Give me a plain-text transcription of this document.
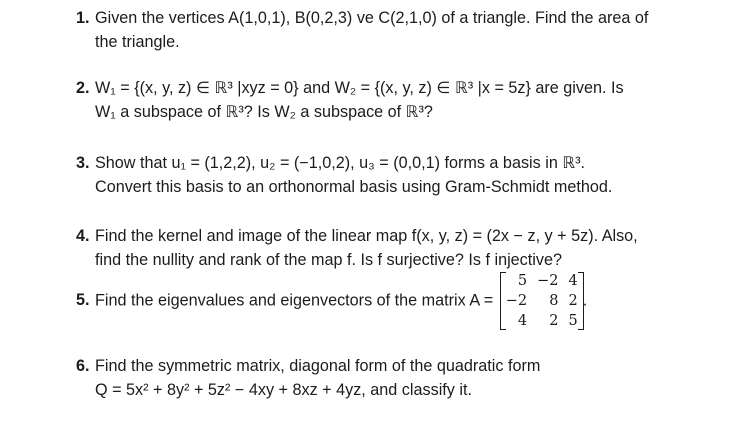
1. Given the vertices A(1,0,1), B(0,2,3) ve C(2,1,0) of a triangle. Find the area of
the triangle.
2. W₁ = {(x, y, z) ∈ ℝ³ |xyz = 0} and W₂ = {(x, y, z) ∈ ℝ³ |x = 5z} are given. Is
W₁ a subspace of ℝ³? Is W₂ a subspace of ℝ³?
3. Show that u₁ = (1,2,2), u₂ = (−1,0,2), u₃ = (0,0,1) forms a basis in ℝ³.
Convert this basis to an orthonormal basis using Gram-Schmidt method.
4. Find the kernel and image of the linear map f(x, y, z) = (2x − z, y + 5z). Also,
find the nullity and rank of the map f. Is f surjective? Is f injective?
5. Find the eigenvalues and eigenvectors of the matrix A =
5	−2	4
−2	8	2
4	2	5
.
6. Find the symmetric matrix, diagonal form of the quadratic form
Q = 5x² + 8y² + 5z² − 4xy + 8xz + 4yz, and classify it.
